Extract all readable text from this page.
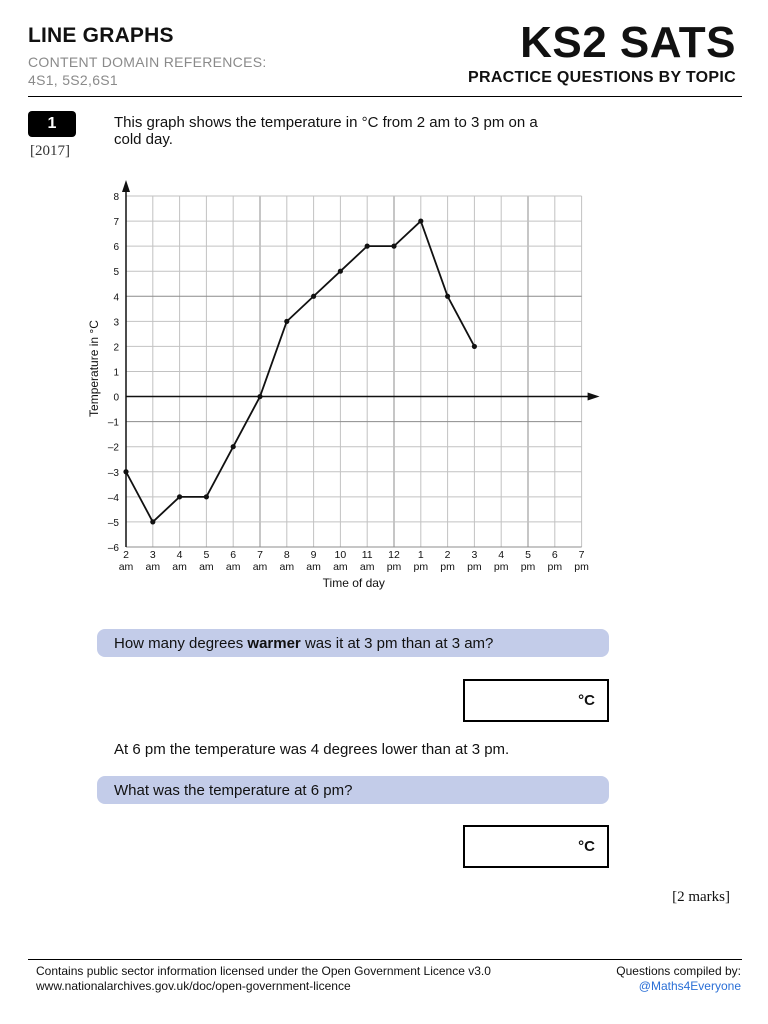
LINE GRAPHS
CONTENT DOMAIN REFERENCES:
4S1, 5S2,6S1
KS2 SATS
PRACTICE QUESTIONS BY TOPIC
1
[2017]
This graph shows the temperature in °C from 2 am to 3 pm on a cold day.
–6
–5
–4
–3
–2
–1
0
1
2
3
4
5
6
7
8
2
am
3
am
4
am
5
am
6
am
7
am
8
am
9
am
10
am
11
am
12
pm
1
pm
2
pm
3
pm
4
pm
5
pm
6
pm
7
pm
Time of day
Temperature in °C
How many degrees warmer was it at 3 pm than at 3 am?
°C
At 6 pm the temperature was 4 degrees lower than at 3 pm.
What was the temperature at 6 pm?
°C
[2 marks]
Contains public sector information licensed under the Open Government Licence v3.0
www.nationalarchives.gov.uk/doc/open-government-licence
Questions compiled by:
@Maths4Everyone
